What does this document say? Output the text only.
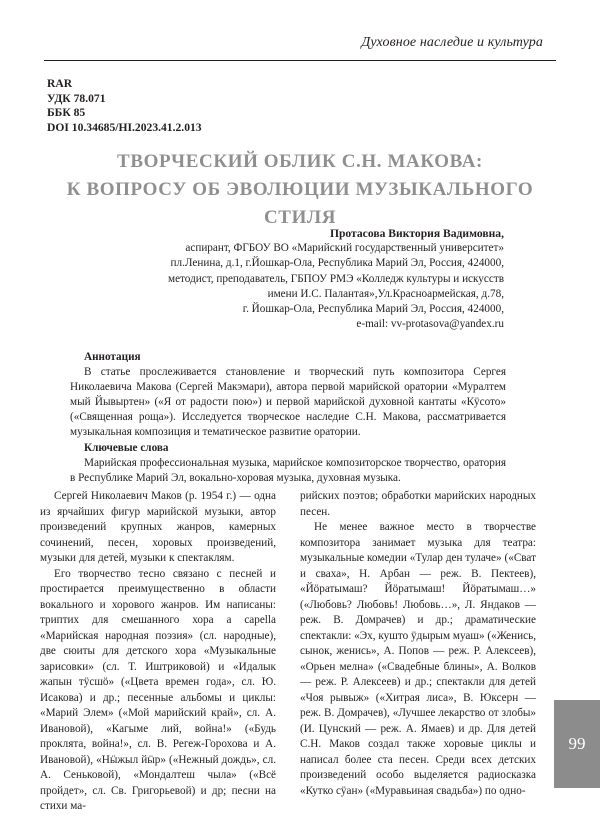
Духовное наследие и культура
RAR
УДК 78.071
ББК 85
DOI 10.34685/HI.2023.41.2.013
ТВОРЧЕСКИЙ ОБЛИК С.Н. МАКОВА:
К ВОПРОСУ ОБ ЭВОЛЮЦИИ МУЗЫКАЛЬНОГО СТИЛЯ
Протасова Виктория Вадимовна,
аспирант, ФГБОУ ВО «Марийский государственный университет»
пл.Ленина, д.1, г.Йошкар-Ола, Республика Марий Эл, Россия, 424000,
методист, преподаватель, ГБПОУ РМЭ «Колледж культуры и искусств
имени И.С. Палантая»,Ул.Красноармейская, д.78,
г. Йошкар-Ола, Республика Марий Эл, Россия, 424000,
e-mail: vv-protasova@yandex.ru
Аннотация
В статье прослеживается становление и творческий путь композитора Сергея Николаевича Макова (Сергей Макэмари), автора первой марийской оратории «Мурaлтем мый Йывыртен» («Я от радости пою») и первой марийской духовной кантаты «Кӱсото» («Священная роща»). Исследуется творческое наследие С.Н. Макова, рассматривается музыкальная композиция и тематическое развитие оратории.
Ключевые слова
Марийская профессиональная музыка, марийское композиторское творчество, оратория в Республике Марий Эл, вокально-хоровая музыка, духовная музыка.

Сергей Николаевич Маков (р. 1954 г.) — одна из ярчайших фигур марийской музыки, автор произведений крупных жанров, камерных сочинений, песен, хоровых произведений, музыки для детей, музыки к спектаклям.

Его творчество тесно связано с песней и простирается преимущественно в области вокального и хорового жанров. Им написаны: триптих для смешанного хора a capella «Марийская народная поэзия» (сл. народные), две сюиты для детского хора «Музыкальные зарисовки» (сл. Т. Иштриковой) и «Идалык жапын тӱсшӧ» («Цвета времен года», сл. Ю. Исакова) и др.; песенные альбомы и циклы: «Марий Элем» («Мой марийский край», сл. А. Ивановой), «Кагыме лий, война!» («Будь проклята, война!», сл. В. Регеж-Горохова и А. Ивановой), «Нӹжыл йӹр» («Нежный дождь», сл. А. Сеньковой), «Мондалтеш чыла» («Всё пройдет», сл. Св. Григорьевой) и др; песни на стихи ма-

рийских поэтов; обработки марийских народных песен.

Не менее важное место в творчестве композитора занимает музыка для театра: музыкальные комедии «Тулар ден тулаче» («Сват и сваха», Н. Арбан — реж. В. Пектеев), «Йӧратымаш? Йӧратымаш! Йӧратымаш…» («Любовь? Любовь! Любовь…», Л. Яндаков — реж. В. Домрачев) и др.; драматические спектакли: «Эх, кушто ӱдырым муаш» («Женись, сынок, женись», А. Попов — реж. Р. Алексеев), «Орьен мелна» («Свадебные блины», А. Волков — реж. Р. Алексеев) и др.; спектакли для детей «Чоя рывыж» («Хитрая лиса», В. Юксерн — реж. В. Домрачев), «Лучшее лекарство от злобы» (И. Цунский — реж. А. Ямаев) и др. Для детей С.Н. Маков создал также хоровые циклы и написал более ста песен. Среди всех детских произведений особо выделяется радиосказка «Кутко сӱан» («Муравьиная свадьба») по одно-

99
